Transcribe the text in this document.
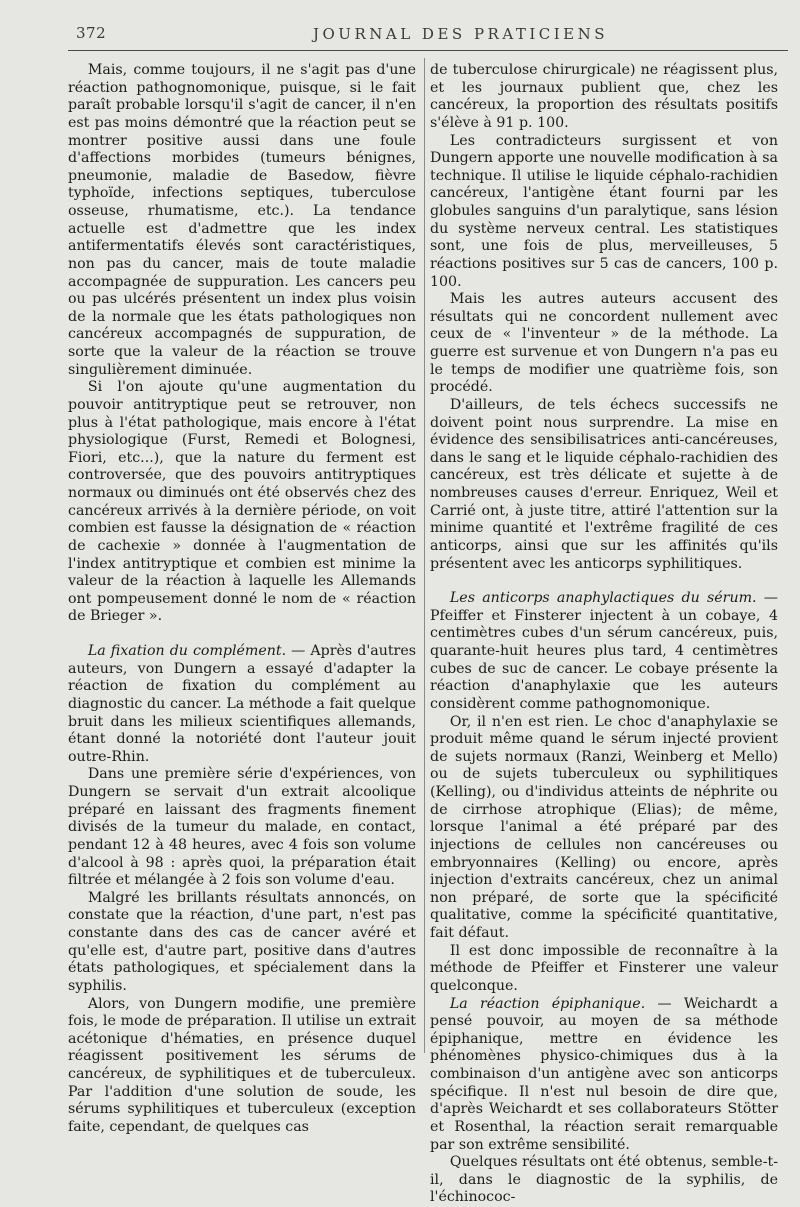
372	JOURNAL DES PRATICIENS

Mais, comme toujours, il ne s'agit pas d'une réaction pathognomonique, puisque, si le fait paraît probable lorsqu'il s'agit de cancer, il n'en est pas moins démontré que la réaction peut se montrer positive aussi dans une foule d'affections morbides (tumeurs bénignes, pneumonie, maladie de Basedow, fièvre typhoïde, infections septiques, tuberculose osseuse, rhumatisme, etc.). La tendance actuelle est d'admettre que les index antifermentatifs élevés sont caractéristiques, non pas du cancer, mais de toute maladie accompagnée de suppuration. Les cancers peu ou pas ulcérés présentent un index plus voisin de la normale que les états pathologiques non cancéreux accompagnés de suppuration, de sorte que la valeur de la réaction se trouve singulièrement diminuée.

Si l'on ajoute qu'une augmentation du pouvoir antitryptique peut se retrouver, non plus à l'état pathologique, mais encore à l'état physiologique (Furst, Remedi et Bolognesi, Fiori, etc...), que la nature du ferment est controversée, que des pouvoirs antitryptiques normaux ou diminués ont été observés chez des cancéreux arrivés à la dernière période, on voit combien est fausse la désignation de « réaction de cachexie » donnée à l'augmentation de l'index antitryptique et combien est minime la valeur de la réaction à laquelle les Allemands ont pompeusement donné le nom de « réaction de Brieger ».

La fixation du complément. — Après d'autres auteurs, von Dungern a essayé d'adapter la réaction de fixation du complément au diagnostic du cancer. La méthode a fait quelque bruit dans les milieux scientifiques allemands, étant donné la notoriété dont l'auteur jouit outre-Rhin.

Dans une première série d'expériences, von Dungern se servait d'un extrait alcoolique préparé en laissant des fragments finement divisés de la tumeur du malade, en contact, pendant 12 à 48 heures, avec 4 fois son volume d'alcool à 98 : après quoi, la préparation était filtrée et mélangée à 2 fois son volume d'eau.

Malgré les brillants résultats annoncés, on constate que la réaction, d'une part, n'est pas constante dans des cas de cancer avéré et qu'elle est, d'autre part, positive dans d'autres états pathologiques, et spécialement dans la syphilis.

Alors, von Dungern modifie, une première fois, le mode de préparation. Il utilise un extrait acétonique d'hématies, en présence duquel réagissent positivement les sérums de cancéreux, de syphilitiques et de tuberculeux. Par l'addition d'une solution de soude, les sérums syphilitiques et tuberculeux (exception faite, cependant, de quelques cas

de tuberculose chirurgicale) ne réagissent plus, et les journaux publient que, chez les cancéreux, la proportion des résultats positifs s'élève à 91 p. 100.

Les contradicteurs surgissent et von Dungern apporte une nouvelle modification à sa technique. Il utilise le liquide céphalo-rachidien cancéreux, l'antigène étant fourni par les globules sanguins d'un paralytique, sans lésion du système nerveux central. Les statistiques sont, une fois de plus, merveilleuses, 5 réactions positives sur 5 cas de cancers, 100 p. 100.

Mais les autres auteurs accusent des résultats qui ne concordent nullement avec ceux de « l'inventeur » de la méthode. La guerre est survenue et von Dungern n'a pas eu le temps de modifier une quatrième fois, son procédé.

D'ailleurs, de tels échecs successifs ne doivent point nous surprendre. La mise en évidence des sensibilisatrices anti-cancéreuses, dans le sang et le liquide céphalo-rachidien des cancéreux, est très délicate et sujette à de nombreuses causes d'erreur. Enriquez, Weil et Carrié ont, à juste titre, attiré l'attention sur la minime quantité et l'extrême fragilité de ces anticorps, ainsi que sur les affinités qu'ils présentent avec les anticorps syphilitiques.

Les anticorps anaphylactiques du sérum. — Pfeiffer et Finsterer injectent à un cobaye, 4 centimètres cubes d'un sérum cancéreux, puis, quarante-huit heures plus tard, 4 centimètres cubes de suc de cancer. Le cobaye présente la réaction d'anaphylaxie que les auteurs considèrent comme pathognomonique.

Or, il n'en est rien. Le choc d'anaphylaxie se produit même quand le sérum injecté provient de sujets normaux (Ranzi, Weinberg et Mello) ou de sujets tuberculeux ou syphilitiques (Kelling), ou d'individus atteints de néphrite ou de cirrhose atrophique (Elias); de même, lorsque l'animal a été préparé par des injections de cellules non cancéreuses ou embryonnaires (Kelling) ou encore, après injection d'extraits cancéreux, chez un animal non préparé, de sorte que la spécificité qualitative, comme la spécificité quantitative, fait défaut.

Il est donc impossible de reconnaître à la méthode de Pfeiffer et Finsterer une valeur quelconque.

La réaction épiphanique. — Weichardt a pensé pouvoir, au moyen de sa méthode épiphanique, mettre en évidence les phénomènes physico-chimiques dus à la combinaison d'un antigène avec son anticorps spécifique. Il n'est nul besoin de dire que, d'après Weichardt et ses collaborateurs Stötter et Rosenthal, la réaction serait remarquable par son extrême sensibilité.

Quelques résultats ont été obtenus, semble-t-il, dans le diagnostic de la syphilis, de l'échinococ-
